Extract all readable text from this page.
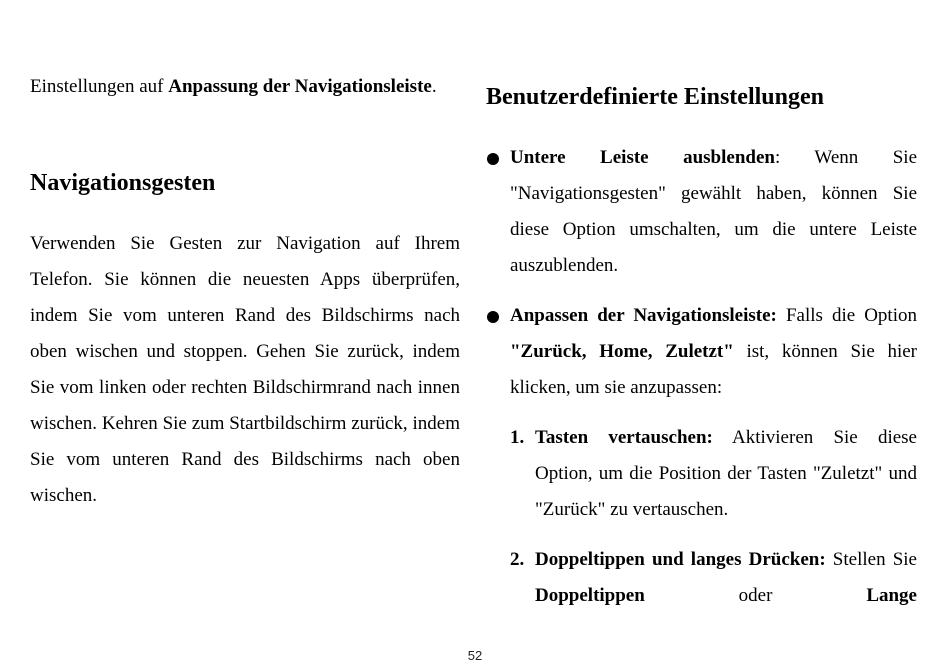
Einstellungen auf Anpassung der Navigationsleiste.

Navigationsgesten

Verwenden Sie Gesten zur Navigation auf Ihrem Telefon. Sie können die neuesten Apps überprüfen, indem Sie vom unteren Rand des Bildschirms nach oben wischen und stoppen. Gehen Sie zurück, indem Sie vom linken oder rechten Bildschirmrand nach innen wischen. Kehren Sie zum Startbildschirm zurück, indem Sie vom unteren Rand des Bildschirms nach oben wischen.

Benutzerdefinierte Einstellungen
Untere Leiste ausblenden: Wenn Sie "Navigationsgesten" gewählt haben, können Sie diese Option umschalten, um die untere Leiste auszublenden.
Anpassen der Navigationsleiste: Falls die Option "Zurück, Home, Zuletzt" ist, können Sie hier klicken, um sie anzupassen:
1. Tasten vertauschen: Aktivieren Sie diese Option, um die Position der Tasten "Zuletzt" und "Zurück" zu vertauschen.
2. Doppeltippen und langes Drücken: Stellen Sie Doppeltippen oder Lange
52
